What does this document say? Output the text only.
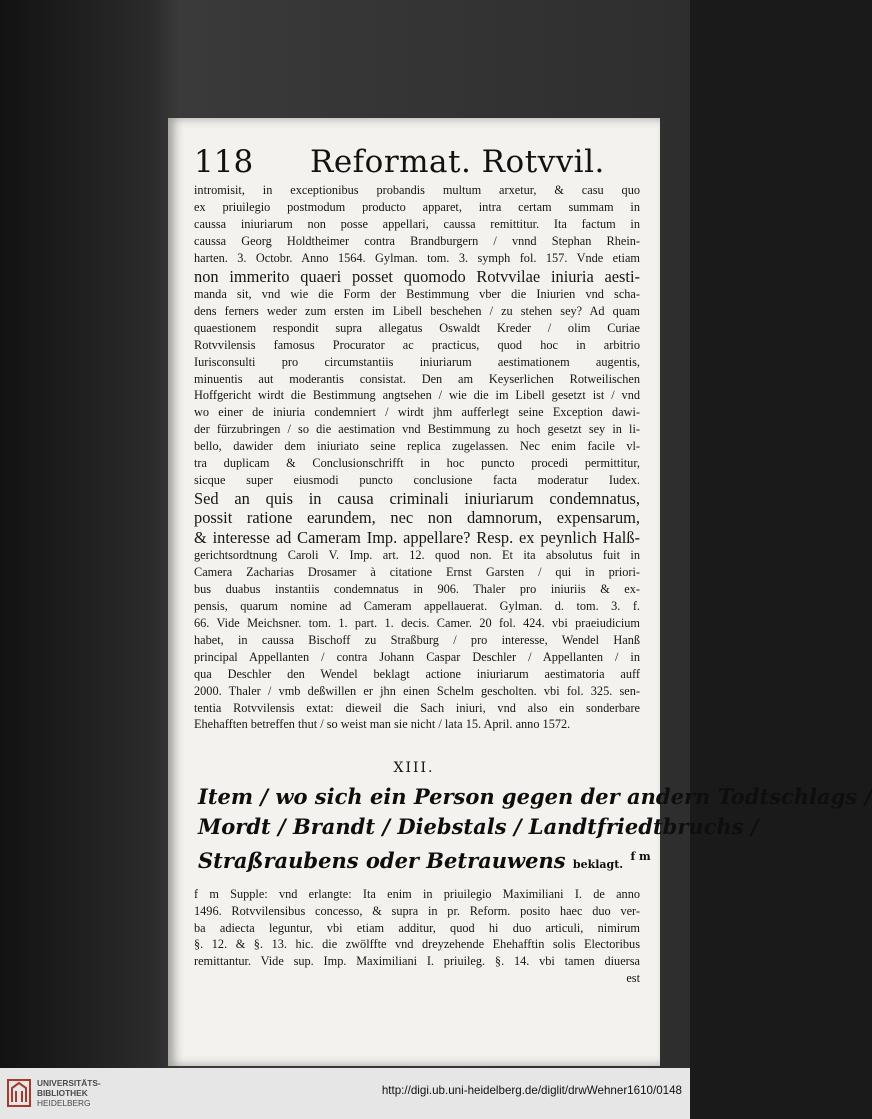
118 Reformat. Rotvvil.
intromisit, in exceptionibus probandis multum arxetur, & casu quo
ex priuilegio postmodum producto apparet, intra certam summam in
caussa iniuriarum non posse appellari, caussa remittitur. Ita factum in
caussa Georg Holdtheimer contra Brandburgern / vnnd Stephan Rhein-
harten. 3. Octobr. Anno 1564. Gylman. tom. 3. symph fol. 157. Vnde etiam
non immerito quaeri posset quomodo Rotvvilae iniuria aesti-
manda sit, vnd wie die Form der Bestimmung vber die Iniurien vnd scha-
dens ferners weder zum ersten im Libell beschehen / zu stehen sey? Ad quam
quaestionem respondit supra allegatus Oswaldt Kreder / olim Curiae
Rotvvilensis famosus Procurator ac practicus, quod hoc in arbitrio
Iurisconsulti pro circumstantiis iniuriarum aestimationem augentis,
minuentis aut moderantis consistat. Den am Keyserlichen Rotweilischen
Hoffgericht wirdt die Bestimmung angtsehen / wie die im Libell gesetzt ist / vnd
wo einer de iniuria condemniert / wirdt jhm aufferlegt seine Exception dawi-
der fürzubringen / so die aestimation vnd Bestimmung zu hoch gesetzt sey in li-
bello, dawider dem iniuriato seine replica zugelassen. Nec enim facile vl-
tra duplicam & Conclusionschrifft in hoc puncto procedi permittitur,
sicque super eiusmodi puncto conclusione facta moderatur Iudex.
Sed an quis in causa criminali iniuriarum condemnatus,
possit ratione earundem, nec non damnorum, expensarum,
& interesse ad Cameram Imp. appellare? Resp. ex peynlich Halß-
gerichtsordtnung Caroli V. Imp. art. 12. quod non. Et ita absolutus fuit in
Camera Zacharias Drosamer à citatione Ernst Garsten / qui in priori-
bus duabus instantiis condemnatus in 906. Thaler pro iniuriis & ex-
pensis, quarum nomine ad Cameram appellauerat. Gylman. d. tom. 3. f.
66. Vide Meichsner. tom. 1. part. 1. decis. Camer. 20 fol. 424. vbi praeiudicium
habet, in caussa Bischoff zu Straßburg / pro interesse, Wendel Hanß
principal Appellanten / contra Johann Caspar Deschler / Appellanten / in
qua Deschler den Wendel beklagt actione iniuriarum aestimatoria auff
2000. Thaler / vmb deßwillen er jhn einen Schelm gescholten. vbi fol. 325. sen-
tentia Rotvvilensis extat: dieweil die Sach iniuri, vnd also ein sonderbare
Ehehafften betreffen thut / so weist man sie nicht / lata 15. April. anno 1572.
XIII.
Item / wo sich ein Person gegen der andern Todtschlags /
Mordt / Brandt / Diebstals / Landtfriedtbruchs /
Straßraubens oder Betrauwens beklagt. $^{f m}$
f m Supple: vnd erlangte: Ita enim in priuilegio Maximiliani I. de anno
1496. Rotvvilensibus concesso, & supra in pr. Reform. posito haec duo ver-
ba adiecta leguntur, vbi etiam additur, quod hi duo articuli, nimirum
§. 12. & §. 13. hic. die zwölffte vnd dreyzehende Ehehafftin solis Electoribus
remittantur. Vide sup. Imp. Maximiliani I. priuileg. §. 14. vbi tamen diuersa
est
UNIVERSITÄTS-
BIBLIOTHEK
HEIDELBERG
http://digi.ub.uni-heidelberg.de/diglit/drwWehner1610/0148
